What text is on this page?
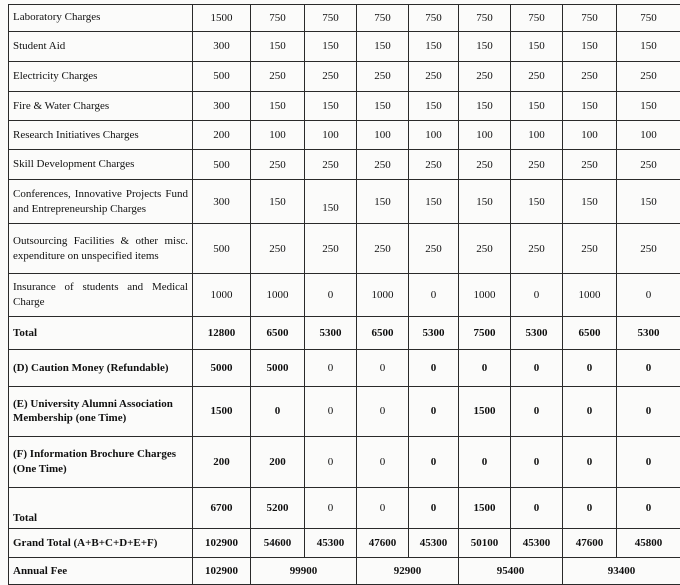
Laboratory Charges	1500	750	750	750	750	750	750	750	750
Student Aid	300	150	150	150	150	150	150	150	150
Electricity Charges	500	250	250	250	250	250	250	250	250
Fire & Water Charges	300	150	150	150	150	150	150	150	150
Research Initiatives Charges	200	100	100	100	100	100	100	100	100
Skill Development Charges	500	250	250	250	250	250	250	250	250
Conferences, Innovative Projects Fund and Entrepreneurship Charges	300	150	150	150	150	150	150	150	150
Outsourcing Facilities & other misc. expenditure on unspecified items	500	250	250	250	250	250	250	250	250
Insurance of students and Medical Charge	1000	1000	0	1000	0	1000	0	1000	0
Total	12800	6500	5300	6500	5300	7500	5300	6500	5300
(D) Caution Money (Refundable)	5000	5000	0	0	0	0	0	0	0
(E) University Alumni Association Membership (one Time)	1500	0	0	0	0	1500	0	0	0
(F) Information Brochure Charges (One Time)	200	200	0	0	0	0	0	0	0
Total	6700	5200	0	0	0	1500	0	0	0
Grand Total (A+B+C+D+E+F)	102900	54600	45300	47600	45300	50100	45300	47600	45800
Annual Fee	102900	99900		92900		95400		93400	
